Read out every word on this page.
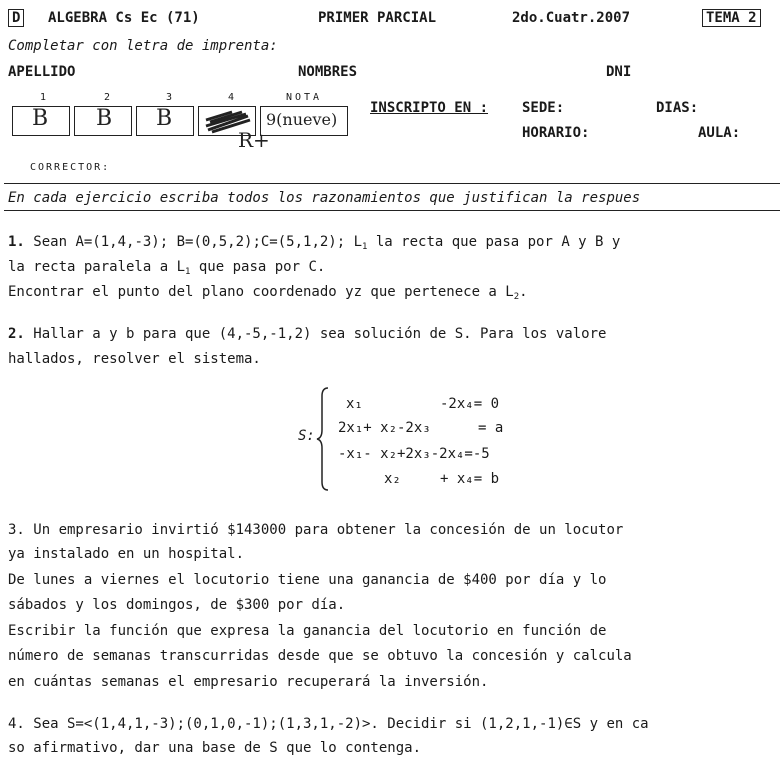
D ALGEBRA Cs Ec (71)	PRIMER PARCIAL	2do.Cuatr.2007	TEMA 2
Completar con letra de imprenta:
APELLIDO	NOMBRES	DNI
1	2	3	4	NOTA
B B B
R+
9(nueve)
INSCRIPTO EN : SEDE:	DIAS:
HORARIO:	AULA:
CORRECTOR:
En cada ejercicio escriba todos los razonamientos que justifican la respues
1. Sean A=(1,4,-3); B=(0,5,2);C=(5,1,2); $L_1$ la recta que pasa por A y B y
la recta paralela a $L_1$ que pasa por C.
Encontrar el punto del plano coordenado yz que pertenece a $L_2$.
2. Hallar a y b para que (4,-5,-1,2) sea solución de S. Para los valore
hallados, resolver el sistema.
S:
x₁	-2x₄= 0
2x₁+ x₂-2x₃	= a
-x₁- x₂+2x₃-2x₄=-5
x₂	+ x₄= b
3. Un empresario invirtió $143000 para obtener la concesión de un locutor
ya instalado en un hospital.
De lunes a viernes el locutorio tiene una ganancia de $400 por día y lo
sábados y los domingos, de $300 por día.
Escribir la función que expresa la ganancia del locutorio en función de
número de semanas transcurridas desde que se obtuvo la concesión y calcula
en cuántas semanas el empresario recuperará la inversión.
4. Sea S=<(1,4,1,-3);(0,1,0,-1);(1,3,1,-2)>. Decidir si (1,2,1,-1)∈S y en ca
so afirmativo, dar una base de S que lo contenga.
